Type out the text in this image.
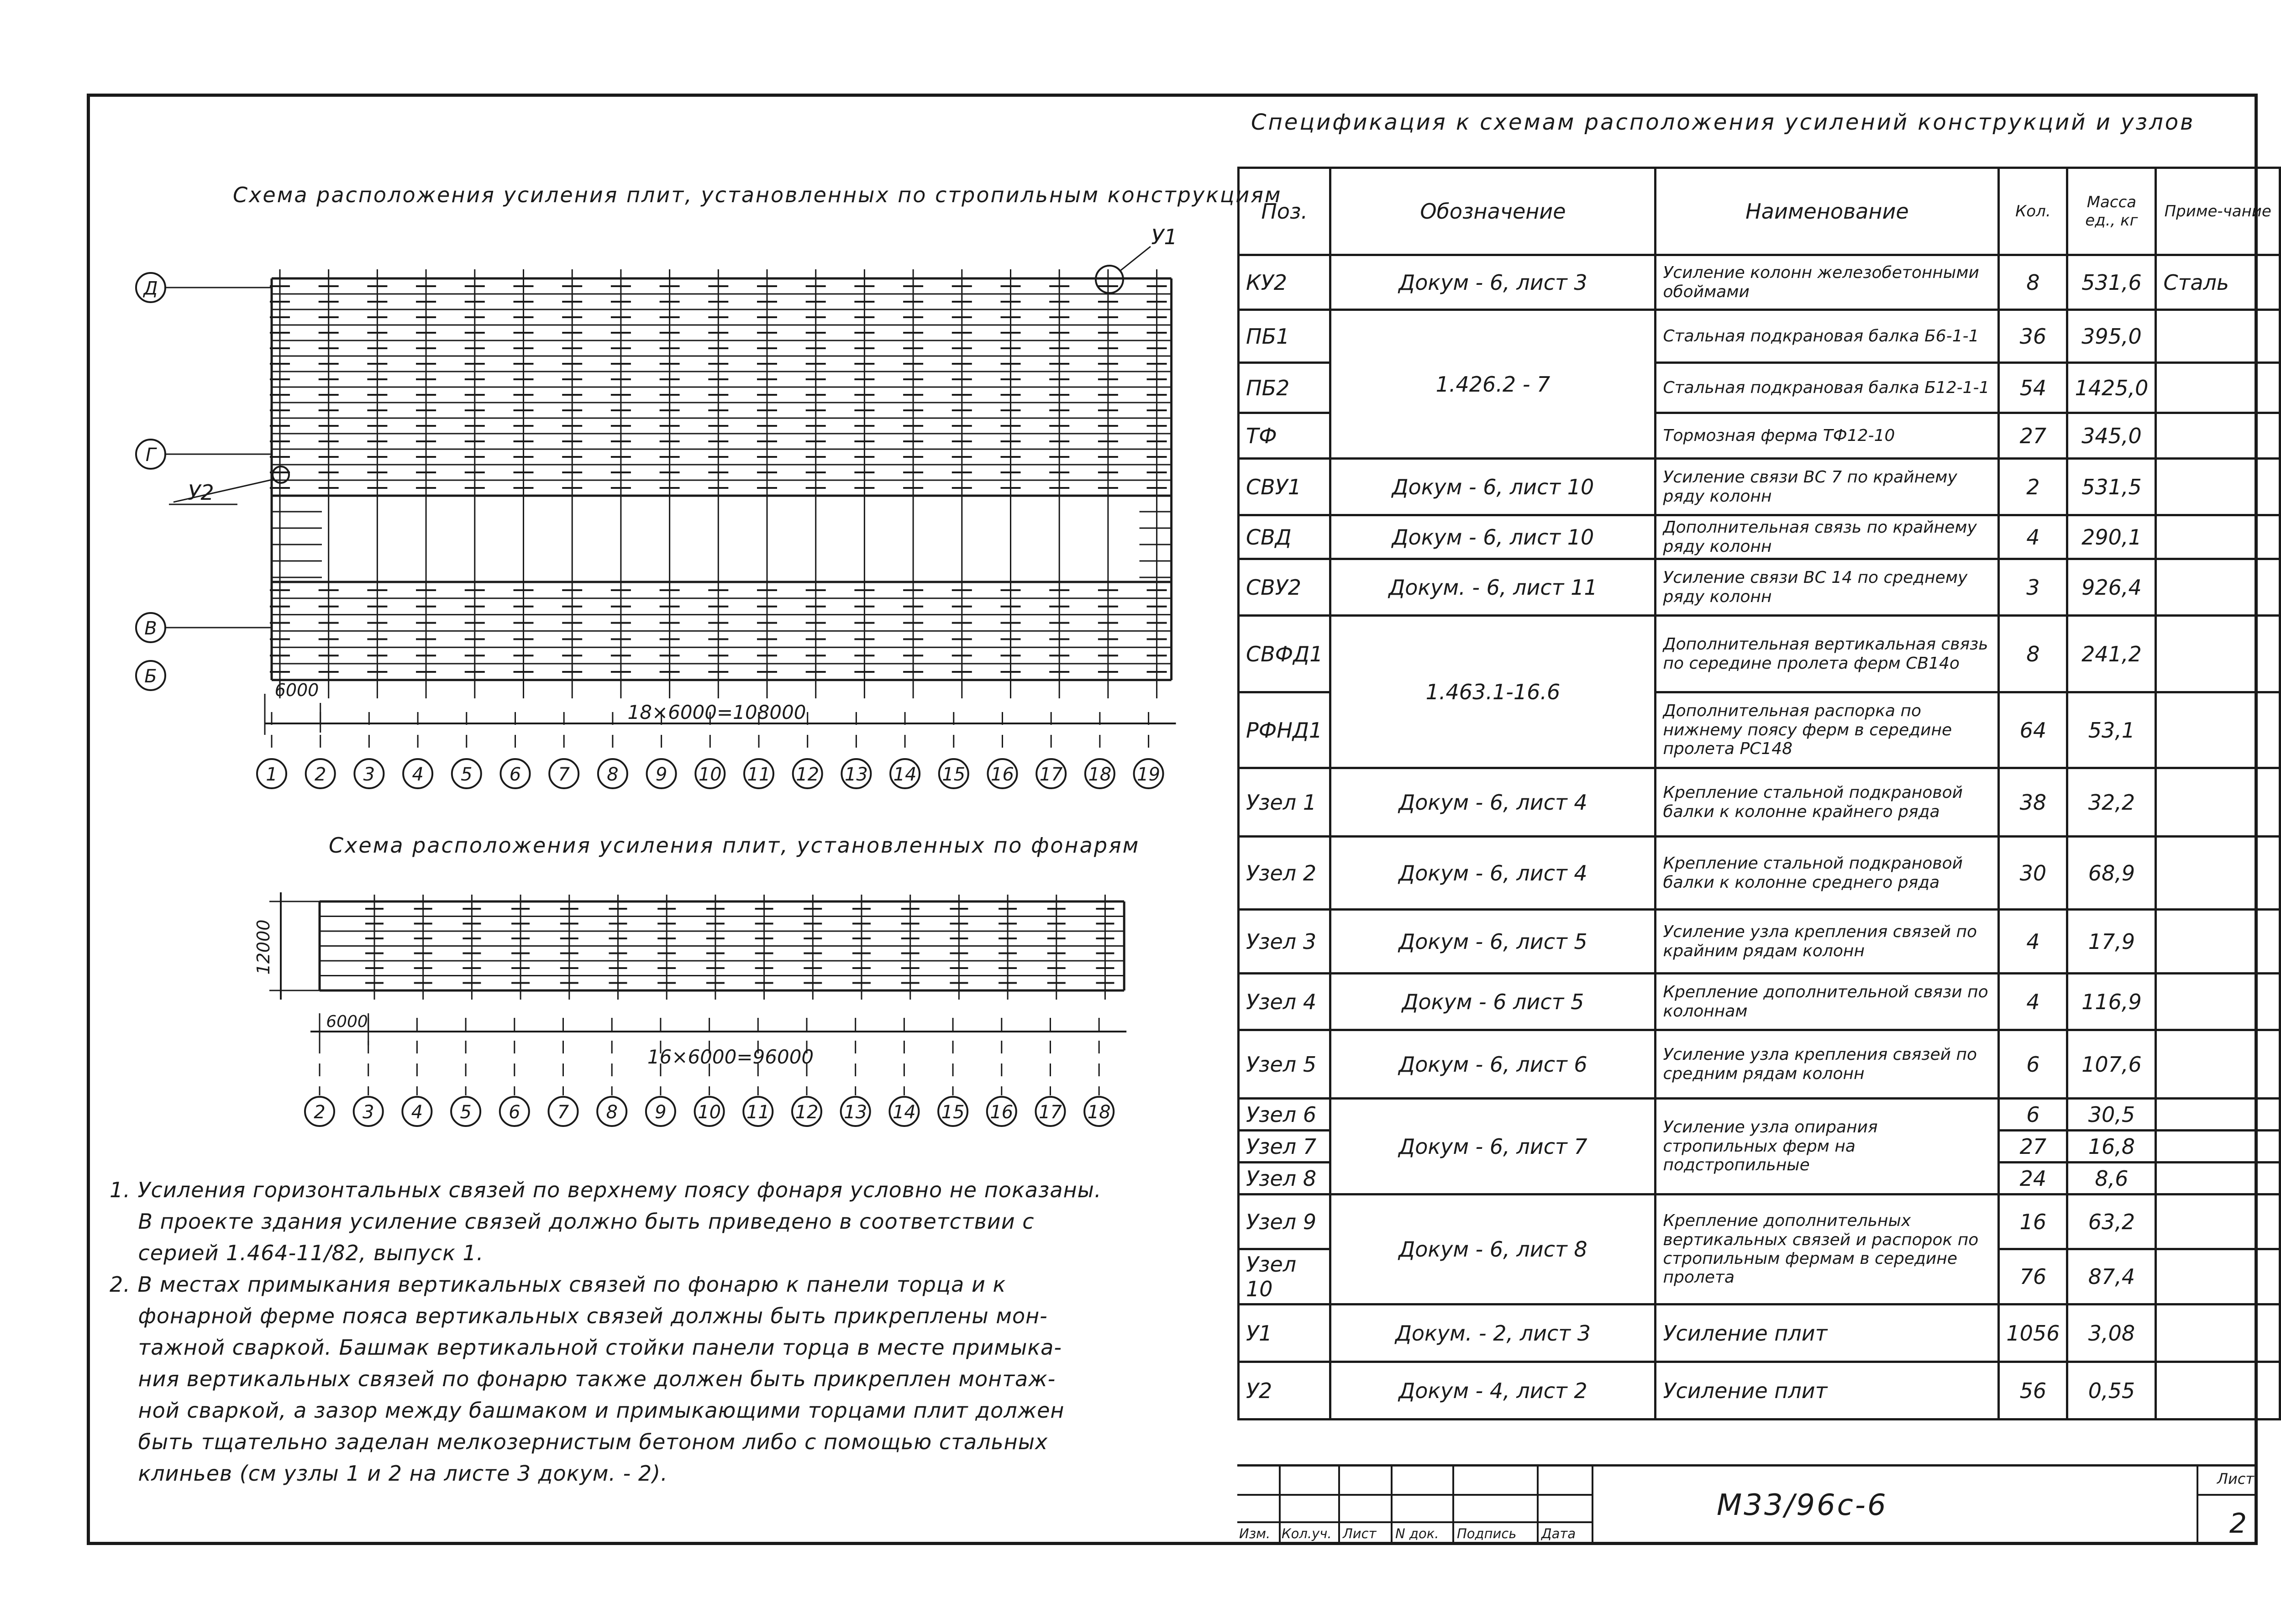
Схема расположения усиления плит, установленных по стропильным конструкциям
1 2 3 4 5 6 7 8 9 10 11 12 13 14 15 16 17 18 19
6000
18×6000=108000
Д
Г
В
Б
У1
У2
Схема расположения усиления плит, установленных по фонарям
12000
2 3 4 5 6 7 8 9 10 11 12 13 14 15 16 17 18
6000
16×6000=96000
1. Усиления горизонтальных связей по верхнему поясу фонаря условно не показаны.
В проекте здания усиление связей должно быть приведено в соответствии с
серией 1.464-11/82, выпуск 1.
2. В местах примыкания вертикальных связей по фонарю к панели торца и к
фонарной ферме пояса вертикальных связей должны быть прикреплены мон-
тажной сваркой. Башмак вертикальной стойки панели торца в месте примыка-
ния вертикальных связей по фонарю также должен быть прикреплен монтаж-
ной сваркой, а зазор между башмаком и примыкающими торцами плит должен
быть тщательно заделан мелкозернистым бетоном либо с помощью стальных
клиньев (см узлы 1 и 2 на листе 3 докум. - 2).
Спецификация к схемам расположения усилений конструкций и узлов
Поз.	Обозначение	Наименование	Кол.	Масса ед., кг	Приме-чание
КУ2	Докум - 6, лист 3	Усиление колонн железобетонными обоймами	8	531,6	Сталь
ПБ1	1.426.2 - 7	Стальная подкрановая балка Б6-1-1	36	395,0	
ПБ2		Стальная подкрановая балка Б12-1-1	54	1425,0	
ТФ		Тормозная ферма ТФ12-10	27	345,0	
СВУ1	Докум - 6, лист 10	Усиление связи ВС 7 по крайнему ряду колонн	2	531,5	
СВД	Докум - 6, лист 10	Дополнительная связь по крайнему ряду колонн	4	290,1	
СВУ2	Докум. - 6, лист 11	Усиление связи ВС 14 по среднему ряду колонн	3	926,4	
СВФД1	1.463.1-16.6	Дополнительная вертикальная связь по середине пролета ферм СВ14о	8	241,2	
РФНД1		Дополнительная распорка по нижнему поясу ферм в середине пролета РС148	64	53,1	
Узел 1	Докум - 6, лист 4	Крепление стальной подкрановой балки к колонне крайнего ряда	38	32,2	
Узел 2	Докум - 6, лист 4	Крепление стальной подкрановой балки к колонне среднего ряда	30	68,9	
Узел 3	Докум - 6, лист 5	Усиление узла крепления связей по крайним рядам колонн	4	17,9	
Узел 4	Докум - 6 лист 5	Крепление дополнительной связи по колоннам	4	116,9	
Узел 5	Докум - 6, лист 6	Усиление узла крепления связей по средним рядам колонн	6	107,6	
Узел 6	Докум - 6, лист 7	Усиление узла опирания стропильных ферм на подстропильные	6	30,5	
Узел 7			27	16,8	
Узел 8			24	8,6	
Узел 9	Докум - 6, лист 8	Крепление дополнительных вертикальных связей и распорок по стропильным фермам в середине пролета	16	63,2	
Узел 10			76	87,4	
У1	Докум. - 2, лист 3	Усиление плит	1056	3,08	
У2	Докум - 4, лист 2	Усиление плит	56	0,55	
Изм. Кол.уч. Лист N док. Подпись Дата
М33/96с-6
Лист
2
